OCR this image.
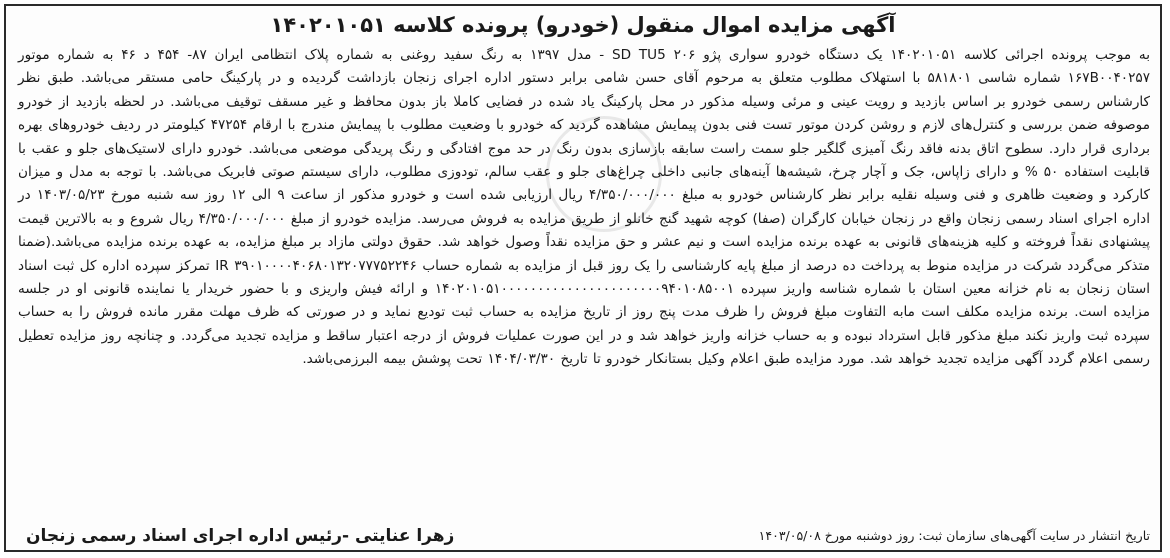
آگهی مزایده اموال منقول (خودرو) پرونده کلاسه ۱۴۰۲۰۱۰۵۱

به موجب پرونده اجرائی کلاسه ۱۴۰۲۰۱۰۵۱ یک دستگاه خودرو سواری پژو ۲۰۶ SD TU5 - مدل ۱۳۹۷ به رنگ سفید روغنی به شماره پلاک انتظامی ایران ۸۷- ۴۵۴ د ۴۶ به شماره موتور ۱۶۷B۰۰۴۰۲۵۷ شماره شاسی ۵۸۱۸۰۱ با استهلاک مطلوب متعلق به مرحوم آقای حسن شامی برابر دستور اداره اجرای زنجان بازداشت گردیده و در پارکینگ حامی مستقر می‌باشد. طبق نظر کارشناس رسمی خودرو بر اساس بازدید و رویت عینی و مرئی وسیله مذکور در محل پارکینگ یاد شده در فضایی کاملا باز بدون محافظ و غیر مسقف توقیف می‌باشد. در لحظه بازدید از خودرو موصوفه ضمن بررسی و کنترل‌های لازم و روشن کردن موتور تست فنی بدون پیمایش مشاهده گردید که خودرو با وضعیت مطلوب با پیمایش مندرج با ارقام ۴۷۲۵۴ کیلومتر در ردیف خودروهای بهره برداری قرار دارد. سطوح اتاق بدنه فاقد رنگ آمیزی گلگیر جلو سمت راست سابقه بازسازی بدون رنگ در حد موج افتادگی و رنگ پریدگی موضعی می‌باشد. خودرو دارای لاستیک‌های جلو و عقب با قابلیت استفاده ۵۰ % و دارای زاپاس، جک و آچار چرخ، شیشه‌ها آینه‌های جانبی داخلی چراغ‌های جلو و عقب سالم، تودوزی مطلوب، دارای سیستم صوتی فابریک می‌باشد. با توجه به مدل و میزان کارکرد و وضعیت ظاهری و فنی وسیله نقلیه برابر نظر کارشناس خودرو به مبلغ ۴/۳۵۰/۰۰۰/۰۰۰ ریال ارزیابی شده است و خودرو مذکور از ساعت ۹ الی ۱۲ روز سه شنبه مورخ ۱۴۰۳/۰۵/۲۳ در اداره اجرای اسناد رسمی زنجان واقع در زنجان خیابان کارگران (صفا) کوچه شهید گنج خانلو از طریق مزایده به فروش می‌رسد. مزایده خودرو از مبلغ ۴/۳۵۰/۰۰۰/۰۰۰ ریال شروع و به بالاترین قیمت پیشنهادی نقداً فروخته و کلیه هزینه‌های قانونی به عهده برنده مزایده است و نیم عشر و حق مزایده نقداً وصول خواهد شد. حقوق دولتی مازاد بر مبلغ مزایده، به عهده برنده مزایده می‌باشد.(ضمنا متذکر می‌گردد شرکت در مزایده منوط به پرداخت ده درصد از مبلغ پایه کارشناسی را یک روز قبل از مزایده به شماره حساب IR ۳۹۰۱۰۰۰۰۴۰۶۸۰۱۳۲۰۷۷۷۵۲۲۴۶ تمرکز سپرده اداره کل ثبت اسناد استان زنجان به نام خزانه معین استان با شماره شناسه واریز سپرده ۱۴۰۲۰۱۰۵۱۰۰۰۰۰۰۰۰۰۰۰۰۰۰۰۰۰۰۰۰۰۰۹۴۰۱۰۸۵۰۰۱ و ارائه فیش واریزی و با حضور خریدار یا نماینده قانونی او در جلسه مزایده است. برنده مزایده مکلف است مابه التفاوت مبلغ فروش را ظرف مدت پنج روز از تاریخ مزایده به حساب ثبت تودیع نماید و در صورتی که ظرف مهلت مقرر مانده فروش را به حساب سپرده ثبت واریز نکند مبلغ مذکور قابل استرداد نبوده و به حساب خزانه واریز خواهد شد و در این صورت عملیات فروش از درجه اعتبار ساقط و مزایده تجدید می‌گردد. و چنانچه روز مزایده تعطیل رسمی اعلام گردد آگهی مزایده تجدید خواهد شد. مورد مزایده طبق اعلام وکیل بستانکار خودرو تا تاریخ ۱۴۰۴/۰۳/۳۰ تحت پوشش بیمه البرزمی‌باشد.

تاریخ انتشار در سایت آگهی‌های سازمان ثبت: روز دوشنبه مورخ ۱۴۰۳/۰۵/۰۸
زهرا عنایتی -رئیس اداره اجرای اسناد رسمی زنجان
